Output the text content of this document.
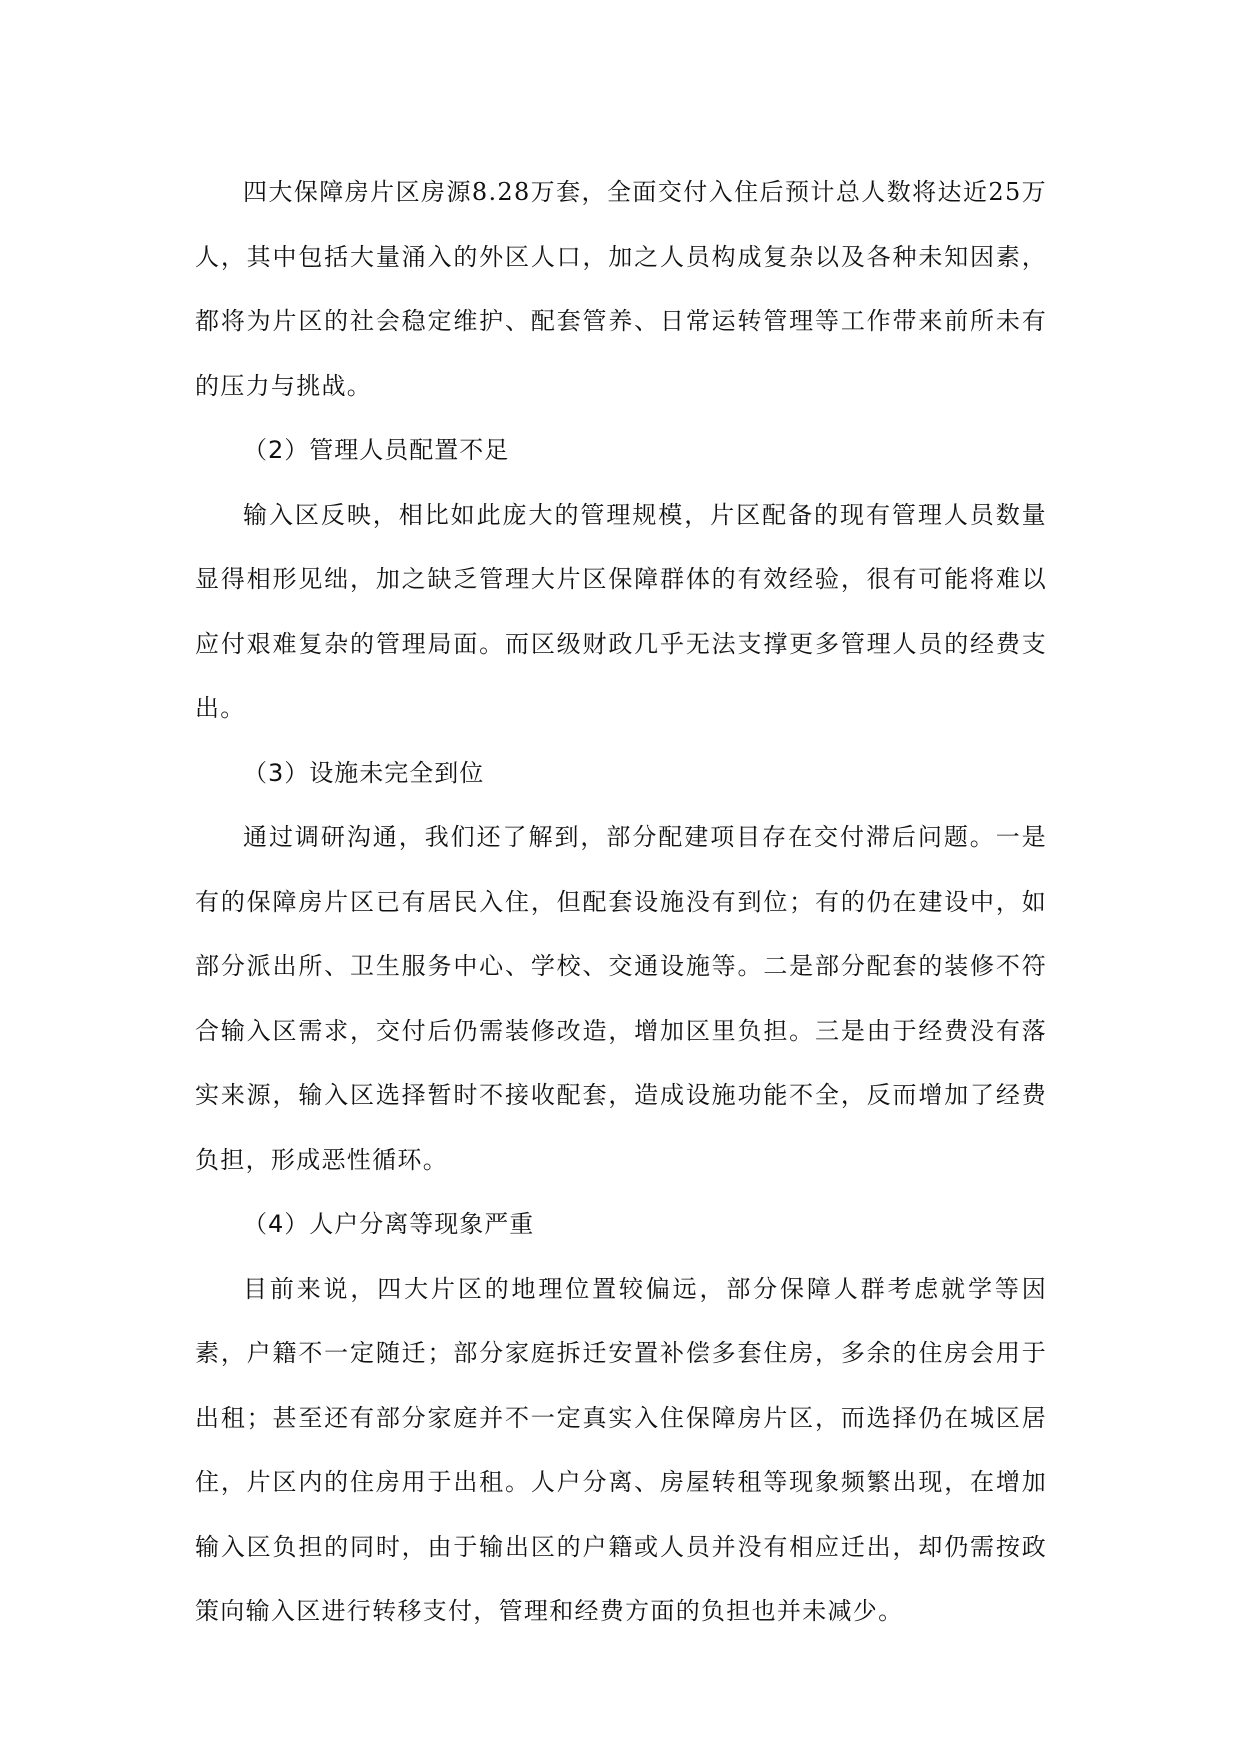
四大保障房片区房源8.28万套，全面交付入住后预计总人数将达近25万人，其中包括大量涌入的外区人口，加之人员构成复杂以及各种未知因素，都将为片区的社会稳定维护、配套管养、日常运转管理等工作带来前所未有的压力与挑战。

（2）管理人员配置不足

输入区反映，相比如此庞大的管理规模，片区配备的现有管理人员数量显得相形见绌，加之缺乏管理大片区保障群体的有效经验，很有可能将难以应付艰难复杂的管理局面。而区级财政几乎无法支撑更多管理人员的经费支出。

（3）设施未完全到位

通过调研沟通，我们还了解到，部分配建项目存在交付滞后问题。一是有的保障房片区已有居民入住，但配套设施没有到位；有的仍在建设中，如部分派出所、卫生服务中心、学校、交通设施等。二是部分配套的装修不符合输入区需求，交付后仍需装修改造，增加区里负担。三是由于经费没有落实来源，输入区选择暂时不接收配套，造成设施功能不全，反而增加了经费负担，形成恶性循环。

（4）人户分离等现象严重

目前来说，四大片区的地理位置较偏远，部分保障人群考虑就学等因素，户籍不一定随迁；部分家庭拆迁安置补偿多套住房，多余的住房会用于出租；甚至还有部分家庭并不一定真实入住保障房片区，而选择仍在城区居住，片区内的住房用于出租。人户分离、房屋转租等现象频繁出现，在增加输入区负担的同时，由于输出区的户籍或人员并没有相应迁出，却仍需按政策向输入区进行转移支付，管理和经费方面的负担也并未减少。
